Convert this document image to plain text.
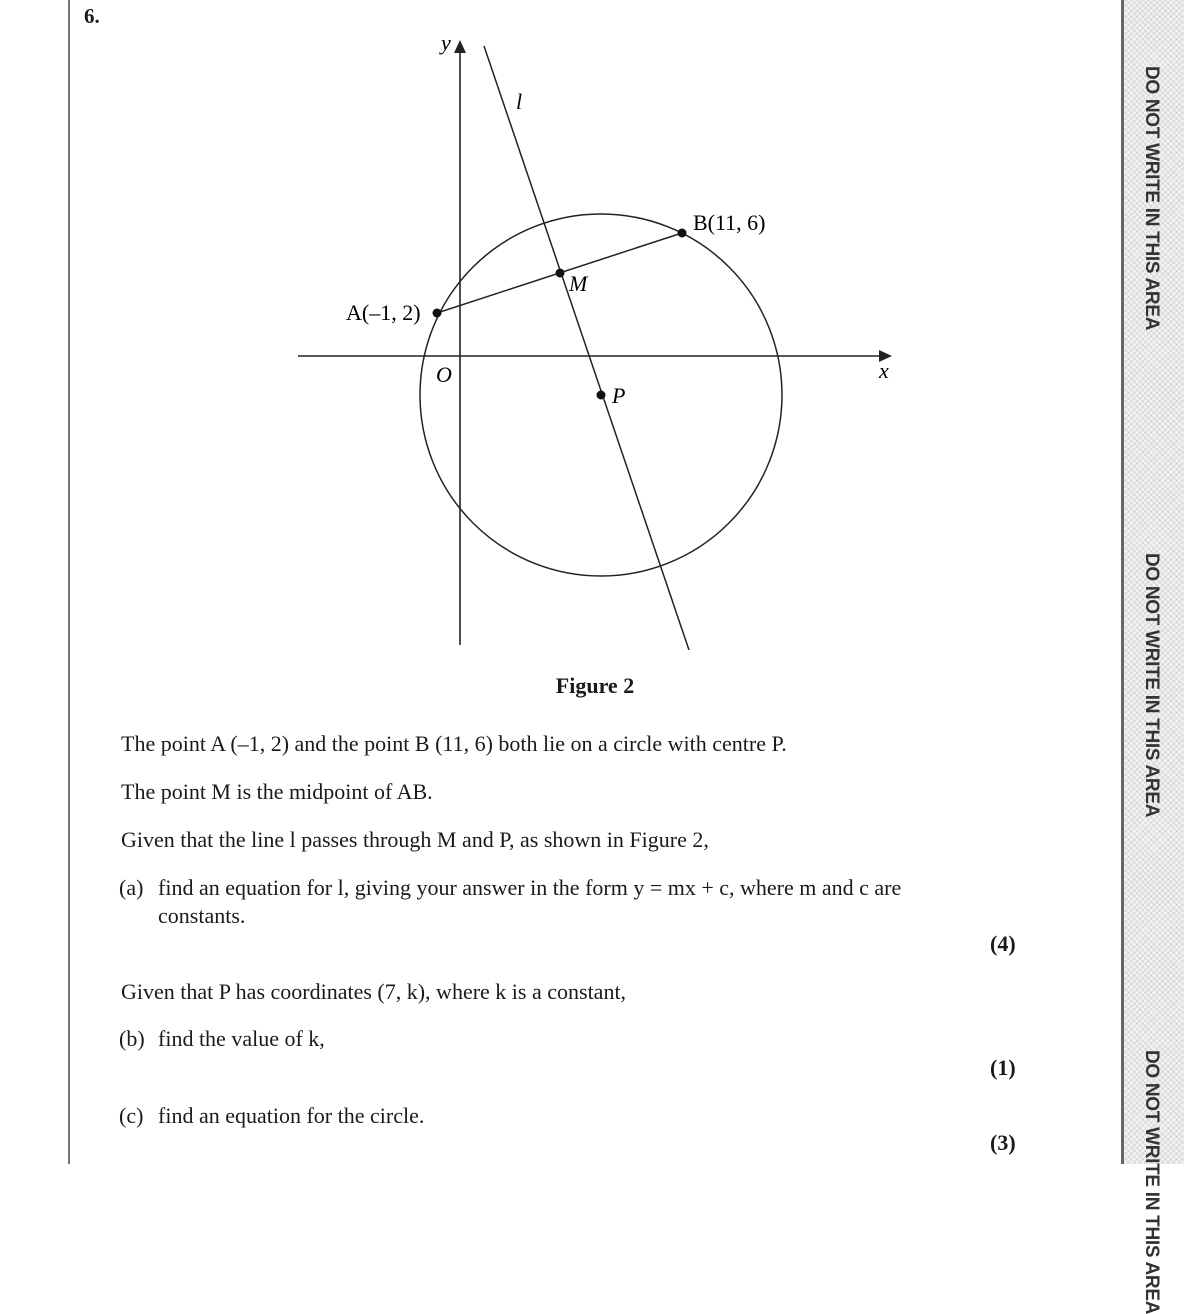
DO NOT WRITE IN THIS AREA
DO NOT WRITE IN THIS AREA
DO NOT WRITE IN THIS AREA
6.
y
x
O
l
A(–1, 2)
B(11, 6)
M
P
Figure 2
The point A (–1, 2) and the point B (11, 6) both lie on a circle with centre P.
The point M is the midpoint of AB.
Given that the line l passes through M and P, as shown in Figure 2,
(a) find an equation for l, giving your answer in the form y = mx + c, where m and c are constants.
(4)
Given that P has coordinates (7, k), where k is a constant,
(b) find the value of k,
(1)
(c) find an equation for the circle.
(3)
